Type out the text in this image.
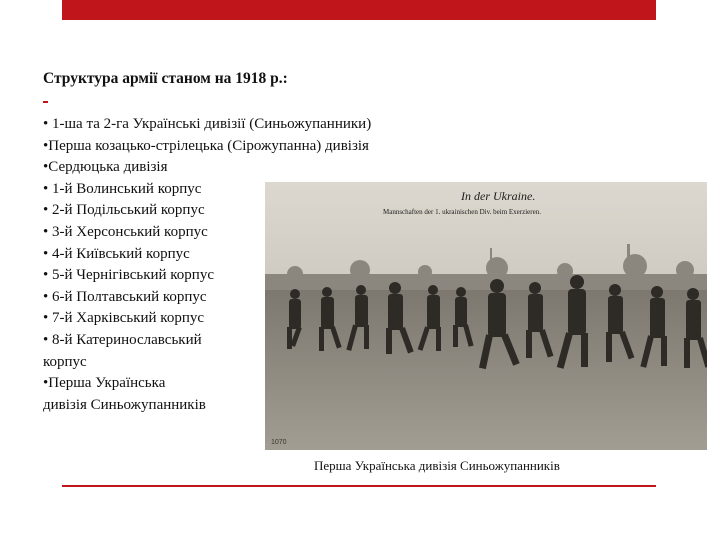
Структура армії станом на 1918 р.:
• 1-ша та 2-га Українські дивізії (Синьожупанники)
•Перша козацько-стрілецька (Сірожупанна) дивізія
•Сердюцька дивізія
• 1-й Волинський корпус
• 2-й Подільський корпус
• 3-й Херсонський корпус
• 4-й Київський корпус
• 5-й Чернігівський корпус
• 6-й Полтавський корпус
• 7-й Харківський корпус
• 8-й Катеринославський
корпус
•Перша Українська
дивізія Синьожупанників
In der Ukraine.
Mannschaften der 1. ukrainischen Div. beim Exerzieren.
1070
Перша Українська дивізія Синьожупанників
